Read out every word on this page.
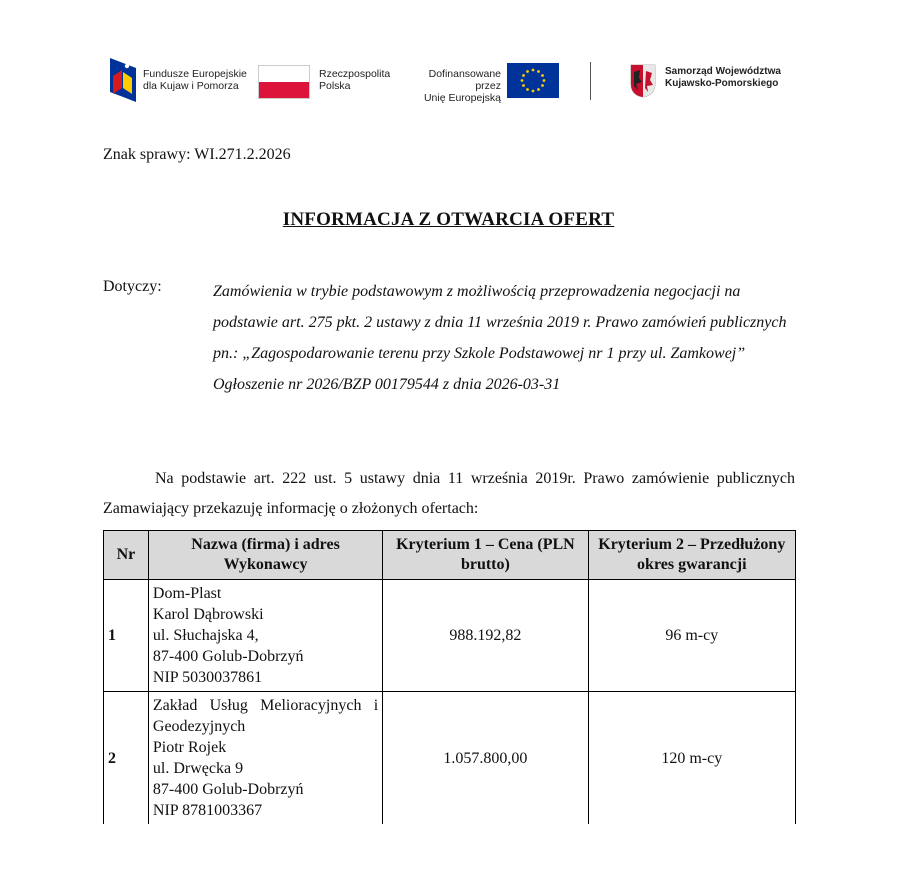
Fundusze Europejskie
dla Kujaw i Pomorza
Rzeczpospolita
Polska
Dofinansowane przez
Unię Europejską
Samorząd Województwa
Kujawsko-Pomorskiego
Znak sprawy: WI.271.2.2026
INFORMACJA Z OTWARCIA OFERT
Dotyczy:	Zamówienia w trybie podstawowym z możliwością przeprowadzenia negocjacji na podstawie art. 275 pkt. 2 ustawy z dnia 11 września 2019 r. Prawo zamówień publicznych pn.: „Zagospodarowanie terenu przy Szkole Podstawowej nr 1 przy ul. Zamkowej”
Ogłoszenie nr 2026/BZP 00179544 z dnia 2026-03-31
Na podstawie art. 222 ust. 5 ustawy dnia 11 września 2019r. Prawo zamówienie publicznych Zamawiający przekazuję informację o złożonych ofertach:
Nr	Nazwa (firma) i adres Wykonawcy	Kryterium 1 – Cena (PLN brutto)	Kryterium 2 – Przedłużony okres gwarancji
1	Dom-Plast
Karol Dąbrowski
ul. Słuchajska 4,
87-400 Golub-Dobrzyń
NIP 5030037861	988.192,82	96 m-cy
2	Zakład Usług Melioracyjnych i Geodezyjnych
Piotr Rojek
ul. Drwęcka 9
87-400 Golub-Dobrzyń
NIP 8781003367	1.057.800,00	120 m-cy
